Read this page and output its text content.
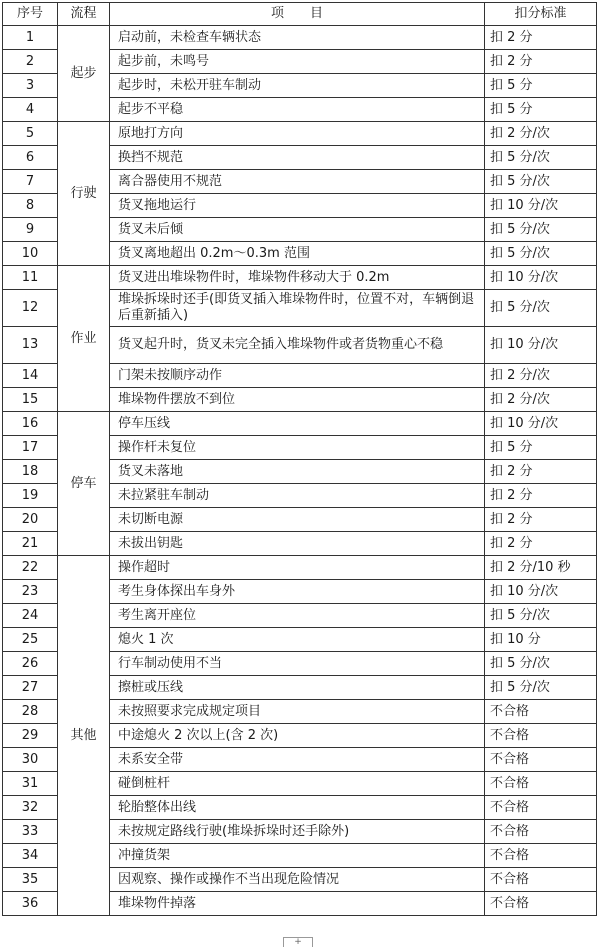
序号	流程	项　　目	扣分标准
1	起步	启动前，未检查车辆状态	扣 2 分
2		起步前，未鸣号	扣 2 分
3		起步时，未松开驻车制动	扣 5 分
4		起步不平稳	扣 5 分
5	行驶	原地打方向	扣 2 分/次
6		换挡不规范	扣 5 分/次
7		离合器使用不规范	扣 5 分/次
8		货叉拖地运行	扣 10 分/次
9		货叉未后倾	扣 5 分/次
10		货叉离地超出 0.2m～0.3m 范围	扣 5 分/次
11	作业	货叉进出堆垛物件时，堆垛物件移动大于 0.2m	扣 10 分/次
12		堆垛拆垛时还手(即货叉插入堆垛物件时，位置不对，车辆倒退后重新插入)	扣 5 分/次
13		货叉起升时，货叉未完全插入堆垛物件或者货物重心不稳	扣 10 分/次
14		门架未按顺序动作	扣 2 分/次
15		堆垛物件摆放不到位	扣 2 分/次
16	停车	停车压线	扣 10 分/次
17		操作杆未复位	扣 5 分
18		货叉未落地	扣 2 分
19		未拉紧驻车制动	扣 2 分
20		未切断电源	扣 2 分
21		未拔出钥匙	扣 2 分
22	其他	操作超时	扣 2 分/10 秒
23		考生身体探出车身外	扣 10 分/次
24		考生离开座位	扣 5 分/次
25		熄火 1 次	扣 10 分
26		行车制动使用不当	扣 5 分/次
27		擦桩或压线	扣 5 分/次
28		未按照要求完成规定项目	不合格
29		中途熄火 2 次以上(含 2 次)	不合格
30		未系安全带	不合格
31		碰倒桩杆	不合格
32		轮胎整体出线	不合格
33		未按规定路线行驶(堆垛拆垛时还手除外)	不合格
34		冲撞货架	不合格
35		因观察、操作或操作不当出现危险情况	不合格
36		堆垛物件掉落	不合格
+
